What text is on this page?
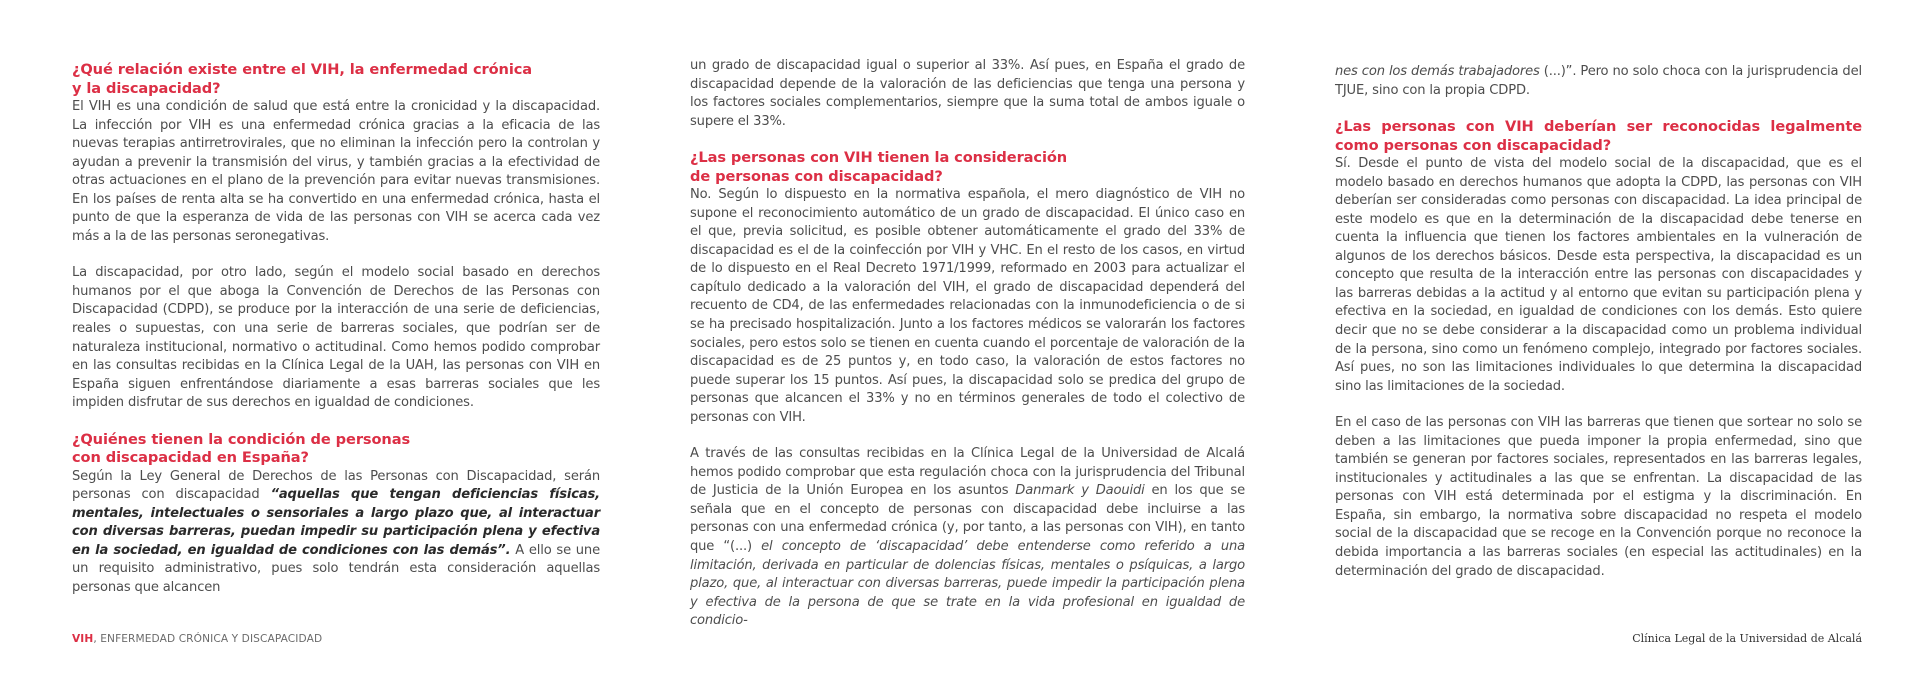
¿Qué relación existe entre el VIH, la enfermedad crónica
y la discapacidad?

El VIH es una condición de salud que está entre la cronicidad y la discapacidad. La infección por VIH es una enfermedad crónica gracias a la eficacia de las nuevas terapias antirretrovirales, que no eliminan la infección pero la controlan y ayudan a prevenir la transmisión del virus, y también gracias a la efectividad de otras actuaciones en el plano de la prevención para evitar nuevas transmisiones. En los países de renta alta se ha convertido en una enfermedad crónica, hasta el punto de que la esperanza de vida de las personas con VIH se acerca cada vez más a la de las personas seronegativas.

La discapacidad, por otro lado, según el modelo social basado en derechos humanos por el que aboga la Convención de Derechos de las Personas con Discapacidad (CDPD), se produce por la interacción de una serie de deficiencias, reales o supuestas, con una serie de barreras sociales, que podrían ser de naturaleza institucional, normativo o actitudinal. Como hemos podido comprobar en las consultas recibidas en la Clínica Legal de la UAH, las personas con VIH en España siguen enfrentándose diariamente a esas barreras sociales que les impiden disfrutar de sus derechos en igualdad de condiciones.

¿Quiénes tienen la condición de personas
con discapacidad en España?

Según la Ley General de Derechos de las Personas con Discapacidad, serán personas con discapacidad “aquellas que tengan deficiencias físicas, mentales, intelectuales o sensoriales a largo plazo que, al interactuar con diversas barreras, puedan impedir su participación plena y efectiva en la sociedad, en igualdad de condiciones con las demás”. A ello se une un requisito administrativo, pues solo tendrán esta consideración aquellas personas que alcancen

un grado de discapacidad igual o superior al 33%. Así pues, en España el grado de discapacidad depende de la valoración de las deficiencias que tenga una persona y los factores sociales complementarios, siempre que la suma total de ambos iguale o supere el 33%.

¿Las personas con VIH tienen la consideración
de personas con discapacidad?

No. Según lo dispuesto en la normativa española, el mero diagnóstico de VIH no supone el reconocimiento automático de un grado de discapacidad. El único caso en el que, previa solicitud, es posible obtener automáticamente el grado del 33% de discapacidad es el de la coinfección por VIH y VHC. En el resto de los casos, en virtud de lo dispuesto en el Real Decreto 1971/1999, reformado en 2003 para actualizar el capítulo dedicado a la valoración del VIH, el grado de discapacidad dependerá del recuento de CD4, de las enfermedades relacionadas con la inmunodeficiencia o de si se ha precisado hospitalización. Junto a los factores médicos se valorarán los factores sociales, pero estos solo se tienen en cuenta cuando el porcentaje de valoración de la discapacidad es de 25 puntos y, en todo caso, la valoración de estos factores no puede superar los 15 puntos. Así pues, la discapacidad solo se predica del grupo de personas que alcancen el 33% y no en términos generales de todo el colectivo de personas con VIH.

A través de las consultas recibidas en la Clínica Legal de la Universidad de Alcalá hemos podido comprobar que esta regulación choca con la jurisprudencia del Tribunal de Justicia de la Unión Europea en los asuntos Danmark y Daouidi en los que se señala que en el concepto de personas con discapacidad debe incluirse a las personas con una enfermedad crónica (y, por tanto, a las personas con VIH), en tanto que “(...) el concepto de ‘discapacidad’ debe entenderse como referido a una limitación, derivada en particular de dolencias físicas, mentales o psíquicas, a largo plazo, que, al interactuar con diversas barreras, puede impedir la participación plena y efectiva de la persona de que se trate en la vida profesional en igualdad de condicio-

nes con los demás trabajadores (...)”. Pero no solo choca con la jurisprudencia del TJUE, sino con la propia CDPD.

¿Las personas con VIH deberían ser reconocidas legalmente como personas con discapacidad?

Sí. Desde el punto de vista del modelo social de la discapacidad, que es el modelo basado en derechos humanos que adopta la CDPD, las personas con VIH deberían ser consideradas como personas con discapacidad. La idea principal de este modelo es que en la determinación de la discapacidad debe tenerse en cuenta la influencia que tienen los factores ambientales en la vulneración de algunos de los derechos básicos. Desde esta perspectiva, la discapacidad es un concepto que resulta de la interacción entre las personas con discapacidades y las barreras debidas a la actitud y al entorno que evitan su participación plena y efectiva en la sociedad, en igualdad de condiciones con los demás. Esto quiere decir que no se debe considerar a la discapacidad como un problema individual de la persona, sino como un fenómeno complejo, integrado por factores sociales. Así pues, no son las limitaciones individuales lo que determina la discapacidad sino las limitaciones de la sociedad.

En el caso de las personas con VIH las barreras que tienen que sortear no solo se deben a las limitaciones que pueda imponer la propia enfermedad, sino que también se generan por factores sociales, representados en las barreras legales, institucionales y actitudinales a las que se enfrentan. La discapacidad de las personas con VIH está determinada por el estigma y la discriminación. En España, sin embargo, la normativa sobre discapacidad no respeta el modelo social de la discapacidad que se recoge en la Convención porque no reconoce la debida importancia a las barreras sociales (en especial las actitudinales) en la determinación del grado de discapacidad.

VIH, ENFERMEDAD CRÓNICA Y DISCAPACIDAD	Clínica Legal de la Universidad de Alcalá
